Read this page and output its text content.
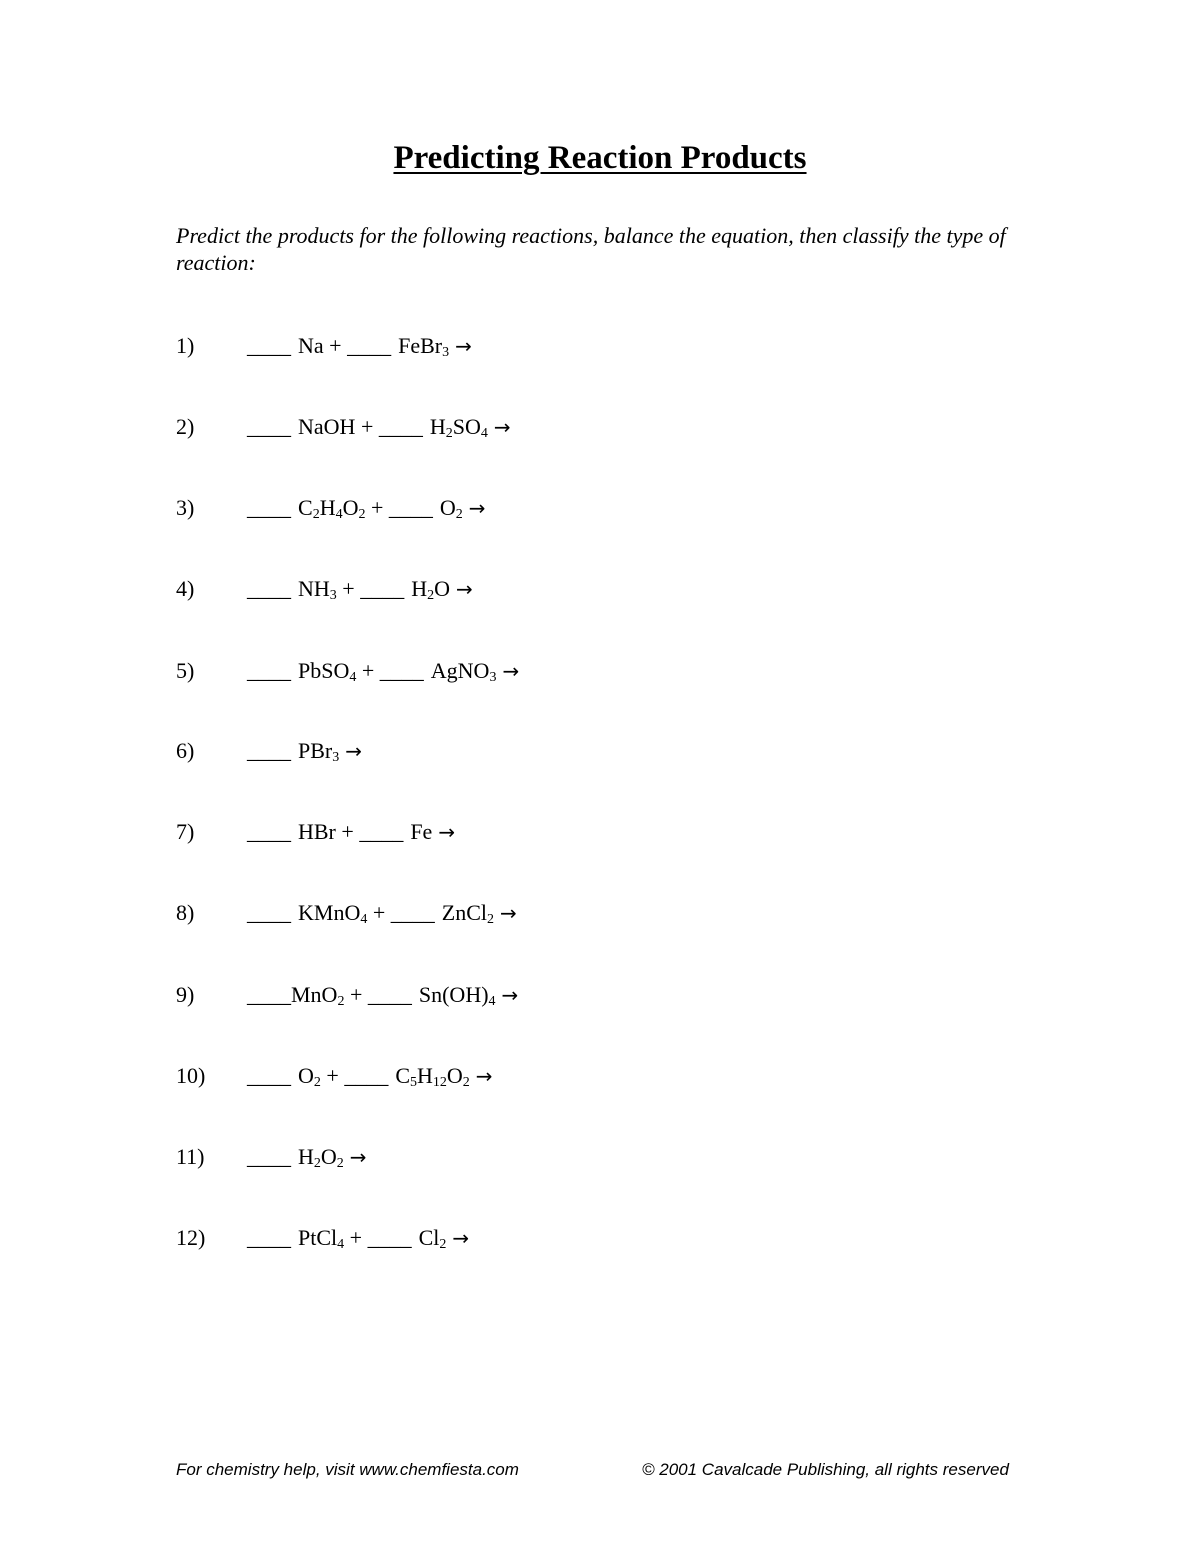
Predicting Reaction Products
Predict the products for the following reactions, balance the equation, then classify the type of reaction:
1) ____	Na + ____FeBr$_3$ →
2) ____	NaOH + $\_\_\_\_H_2SO_4$ →
3) ____	$C_2H_4O_2$ + $\_\_\_\_O_2$ →
4) ____	$NH_3$ + $\_\_\_\_H_2O$ →
5) ____	PbSO$_4$ + ____AgNO$_3$ →
6) ____	PBr$_3$ →
7) ____	HBr + ____Fe →
8) ____	KMnO$_4$ + ____ZnCl$_2$ →
9) ____	$MnO_2 + \_\_\_\_Sn(OH)_4$ →
10) ____	$O_2$ + $\_\_\_\_C_5H_{12}O_2$ →
11) ____	$H_2O_2$ →
12) ____	PtCl$_4$ + $\_\_\_\_Cl_2$ →
For chemistry help, visit www.chemfiesta.com	© 2001 Cavalcade Publishing, all rights reserved
